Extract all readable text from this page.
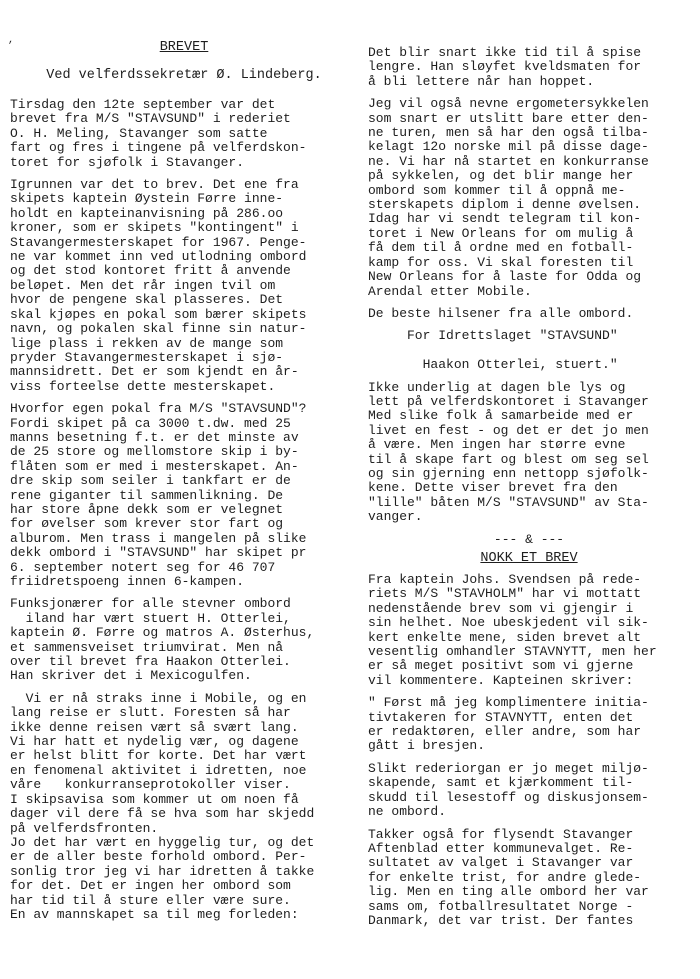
,	BREVET
Ved velferdssekretær Ø. Lindeberg.
Tirsdag den 12te september var det
brevet fra M/S "STAVSUND" i rederiet
O. H. Meling, Stavanger som satte
fart og fres i tingene på velferdskon-
toret for sjøfolk i Stavanger.
Igrunnen var det to brev. Det ene fra
skipets kaptein Øystein Førre inne-
holdt en kapteinanvisning på 286.oo
kroner, som er skipets "kontingent" i
Stavangermesterskapet for 1967. Penge-
ne var kommet inn ved utlodning ombord
og det stod kontoret fritt å anvende
beløpet. Men det rår ingen tvil om
hvor de pengene skal plasseres. Det
skal kjøpes en pokal som bærer skipets
navn, og pokalen skal finne sin natur-
lige plass i rekken av de mange som
pryder Stavangermesterskapet i sjø-
mannsidrett. Det er som kjendt en år-
viss forteelse dette mesterskapet.
Hvorfor egen pokal fra M/S "STAVSUND"?
Fordi skipet på ca 3000 t.dw. med 25
manns besetning f.t. er det minste av
de 25 store og mellomstore skip i by-
flåten som er med i mesterskapet. An-
dre skip som seiler i tankfart er de
rene giganter til sammenlikning. De
har store åpne dekk som er velegnet
for øvelser som krever stor fart og
alburom. Men trass i mangelen på slike
dekk ombord i "STAVSUND" har skipet pr
6. september notert seg for 46 707
friidretspoeng innen 6-kampen.
Funksjonærer for alle stevner ombord
iland har vært stuert H. Otterlei,
kaptein Ø. Førre og matros A. Østerhus,
et sammensveiset triumvirat. Men nå
over til brevet fra Haakon Otterlei.
Han skriver det i Mexicogulfen.
Vi er nå straks inne i Mobile, og en
lang reise er slutt. Foresten så har
ikke denne reisen vært så svært lang.
Vi har hatt et nydelig vær, og dagene
er helst blitt for korte. Det har vært
en fenomenal aktivitet i idretten, noe
våre   konkurranseprotokoller viser.
I skipsavisa som kommer ut om noen få
dager vil dere få se hva som har skjedd
på velferdsfronten.
Jo det har vært en hyggelig tur, og det
er de aller beste forhold ombord. Per-
sonlig tror jeg vi har idretten å takke
for det. Det er ingen her ombord som
har tid til å sture eller være sure.
En av mannskapet sa til meg forleden:
Det blir snart ikke tid til å spise
lengre. Han sløyfet kveldsmaten for
å bli lettere når han hoppet.
Jeg vil også nevne ergometersykkelen
som snart er utslitt bare etter den-
ne turen, men så har den også tilba-
kelagt 12o norske mil på disse dage-
ne. Vi har nå startet en konkurranse
på sykkelen, og det blir mange her
ombord som kommer til å oppnå me-
sterskapets diplom i denne øvelsen.
Idag har vi sendt telegram til kon-
toret i New Orleans for om mulig å
få dem til å ordne med en fotball-
kamp for oss. Vi skal foresten til
New Orleans for å laste for Odda og
Arendal etter Mobile.
De beste hilsener fra alle ombord.
For Idrettslaget "STAVSUND"

Haakon Otterlei, stuert."
Ikke underlig at dagen ble lys og
lett på velferdskontoret i Stavanger
Med slike folk å samarbeide med er
livet en fest - og det er det jo men
å være. Men ingen har større evne
til å skape fart og blest om seg sel
og sin gjerning enn nettopp sjøfolk-
kene. Dette viser brevet fra den
"lille" båten M/S "STAVSUND" av Sta-
vanger.
--- & ---
NOKK ET BREV
Fra kaptein Johs. Svendsen på rede-
riets M/S "STAVHOLM" har vi mottatt
nedenstående brev som vi gjengir i
sin helhet. Noe ubeskjedent vil sik-
kert enkelte mene, siden brevet alt
vesentlig omhandler STAVNYTT, men her
er så meget positivt som vi gjerne
vil kommentere. Kapteinen skriver:
" Først må jeg komplimentere initia-
tivtakeren for STAVNYTT, enten det
er redaktøren, eller andre, som har
gått i bresjen.
Slikt rederiorgan er jo meget miljø-
skapende, samt et kjærkomment til-
skudd til lesestoff og diskusjonsem-
ne ombord.
Takker også for flysendt Stavanger
Aftenblad etter kommunevalget. Re-
sultatet av valget i Stavanger var
for enkelte trist, for andre glede-
lig. Men en ting alle ombord her var
sams om, fotballresultatet Norge -
Danmark, det var trist. Der fantes
